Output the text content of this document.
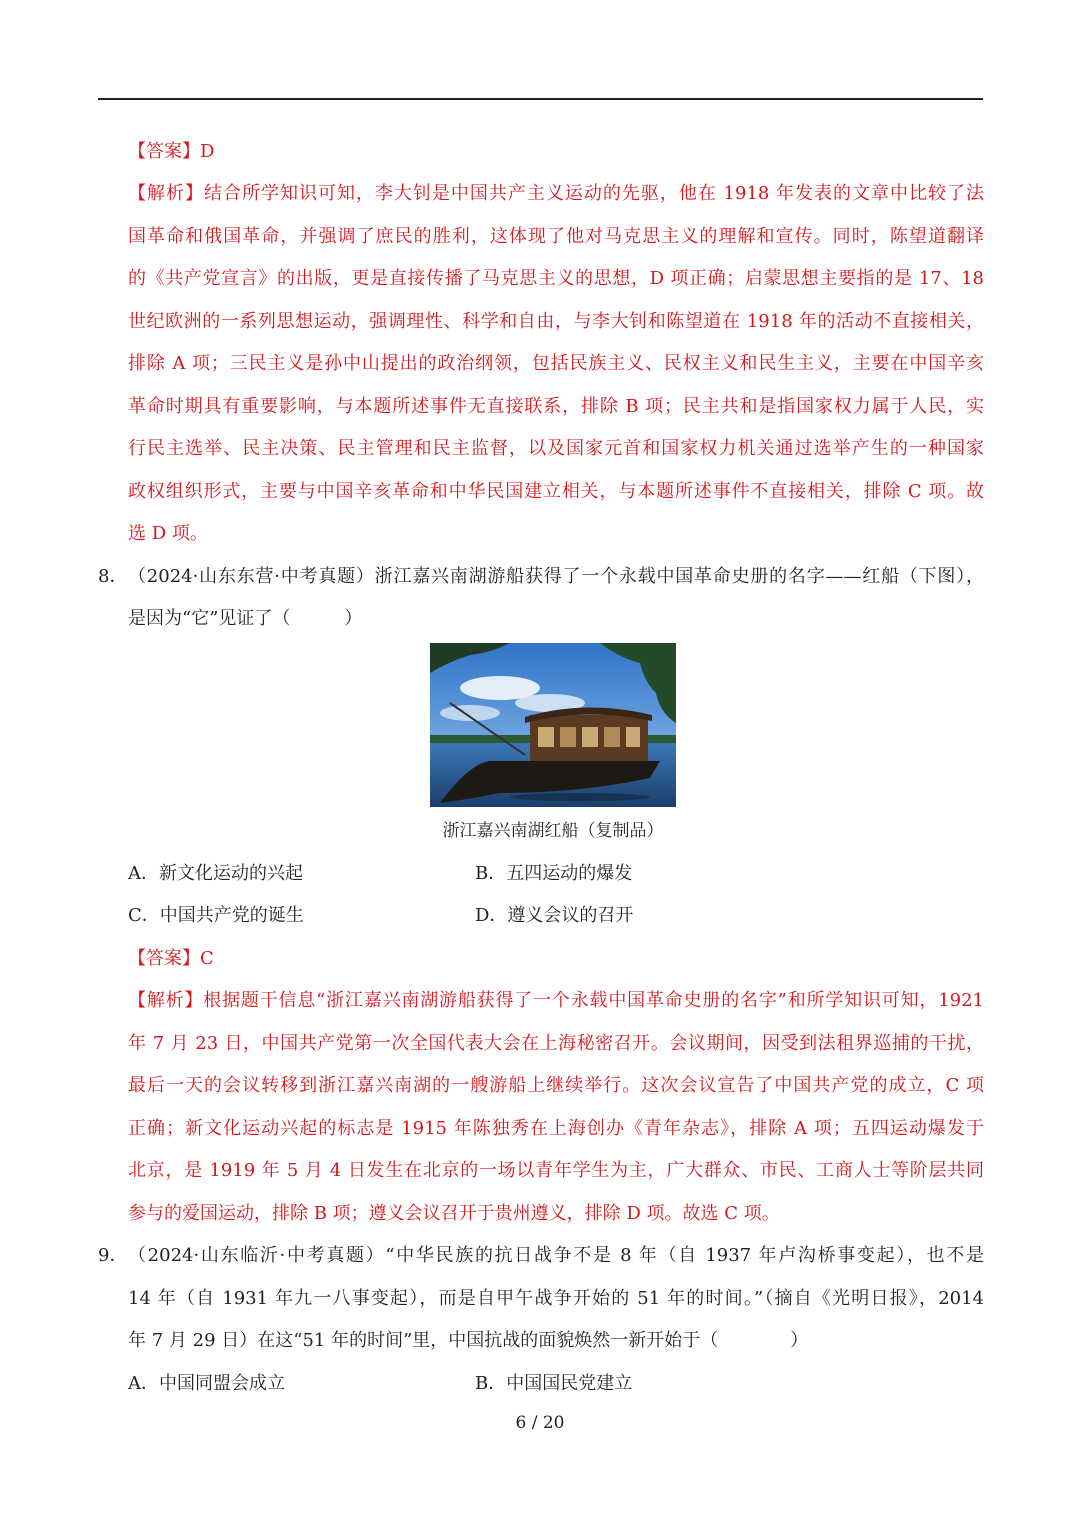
【答案】D
【解析】结合所学知识可知，李大钊是中国共产主义运动的先驱，他在 1918 年发表的文章中比较了法
国革命和俄国革命，并强调了庶民的胜利，这体现了他对马克思主义的理解和宣传。同时，陈望道翻译
的《共产党宣言》的出版，更是直接传播了马克思主义的思想，D 项正确；启蒙思想主要指的是 17、18
世纪欧洲的一系列思想运动，强调理性、科学和自由，与李大钊和陈望道在 1918 年的活动不直接相关，
排除 A 项；三民主义是孙中山提出的政治纲领，包括民族主义、民权主义和民生主义，主要在中国辛亥
革命时期具有重要影响，与本题所述事件无直接联系，排除 B 项；民主共和是指国家权力属于人民，实
行民主选举、民主决策、民主管理和民主监督，以及国家元首和国家权力机关通过选举产生的一种国家
政权组织形式，主要与中国辛亥革命和中华民国建立相关，与本题所述事件不直接相关，排除 C 项。故
选 D 项。
8． （2024·山东东营·中考真题）浙江嘉兴南湖游船获得了一个永载中国革命史册的名字——红船（下图），
是因为“它”见证了（　　　）
浙江嘉兴南湖红船（复制品）
A．新文化运动的兴起	B．五四运动的爆发
C．中国共产党的诞生	D．遵义会议的召开
【答案】C
【解析】根据题干信息“浙江嘉兴南湖游船获得了一个永载中国革命史册的名字”和所学知识可知，1921
年 7 月 23 日，中国共产党第一次全国代表大会在上海秘密召开。会议期间，因受到法租界巡捕的干扰，
最后一天的会议转移到浙江嘉兴南湖的一艘游船上继续举行。这次会议宣告了中国共产党的成立，C 项
正确；新文化运动兴起的标志是 1915 年陈独秀在上海创办《青年杂志》，排除 A 项；五四运动爆发于
北京，是 1919 年 5 月 4 日发生在北京的一场以青年学生为主，广大群众、市民、工商人士等阶层共同
参与的爱国运动，排除 B 项；遵义会议召开于贵州遵义，排除 D 项。故选 C 项。
9． （2024·山东临沂·中考真题）“中华民族的抗日战争不是 8 年（自 1937 年卢沟桥事变起），也不是
14 年（自 1931 年九一八事变起），而是自甲午战争开始的 51 年的时间。”（摘自《光明日报》，2014
年 7 月 29 日）在这“51 年的时间”里，中国抗战的面貌焕然一新开始于（　　　　）
A．中国同盟会成立	B．中国国民党建立
6 / 20
